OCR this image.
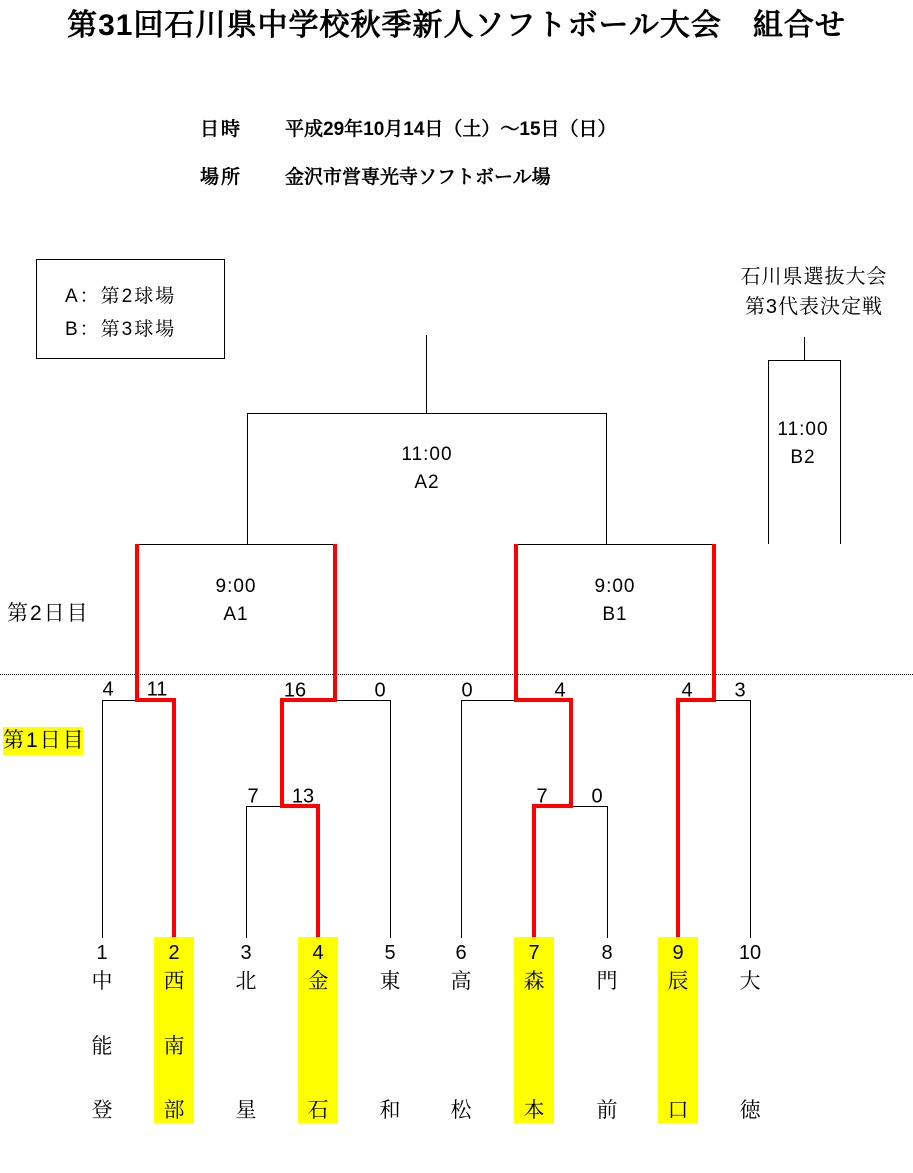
第31回石川県中学校秋季新人ソフトボール大会　組合せ
日時 平成29年10月14日（土）～15日（日）
場所 金沢市営専光寺ソフトボール場
A：第2球場
B：第3球場
石川県選抜大会
第3代表決定戦
第2日目
第1日目
11:00
A2
9:00
A1
9:00
B1
11:00
B2
4 11	16	0	0	4	4 3
7 13	7 0
1
中
能
登
2
西
南
部
3
北
星
4
金
石
5
東
和
6
高
松
7
森
本
8
門
前
9
辰
口
10
大
徳
